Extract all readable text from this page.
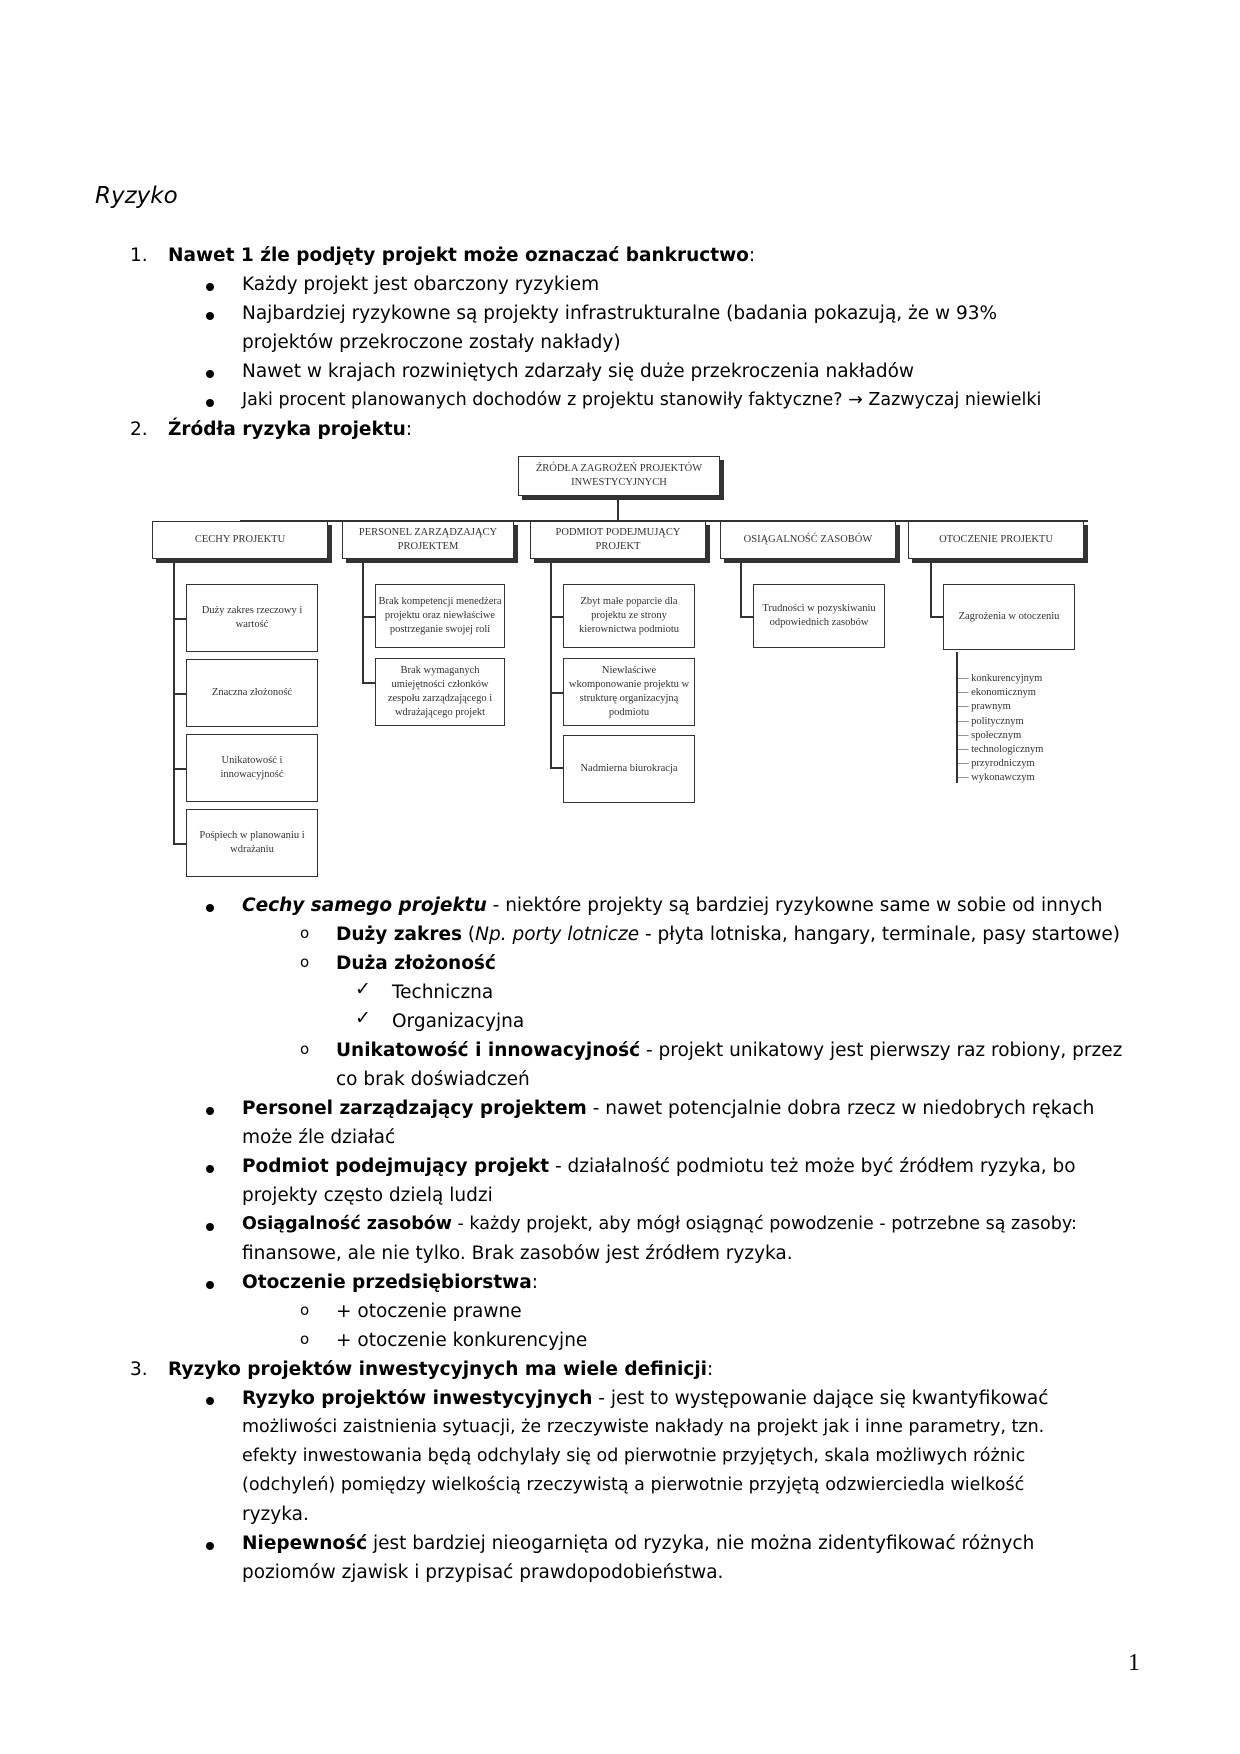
Ryzyko
1. Nawet 1 źle podjęty projekt może oznaczać bankructwo:
Każdy projekt jest obarczony ryzykiem
Najbardziej ryzykowne są projekty infrastrukturalne (badania pokazują, że w 93%
projektów przekroczone zostały nakłady)
Nawet w krajach rozwiniętych zdarzały się duże przekroczenia nakładów
Jaki procent planowanych dochodów z projektu stanowiły faktyczne? → Zazwyczaj niewielki
2. Źródła ryzyka projektu:
ŹRÓDŁA ZAGROŻEŃ PROJEKTÓW INWESTYCYJNYCH
CECHY PROJEKTU
PERSONEL ZARZĄDZAJĄCY PROJEKTEM
PODMIOT PODEJMUJĄCY PROJEKT
OSIĄGALNOŚĆ ZASOBÓW	OTOCZENIE PROJEKTU
Duży zakres rzeczowy i wartość
Znaczna złożoność
Unikatowość i innowacyjność
Pośpiech w planowaniu i wdrażaniu
Brak kompetencji menedżera projektu oraz niewłaściwe postrzeganie swojej roli
Brak wymaganych umiejętności członków zespołu zarządzającego i wdrażającego projekt
Zbyt małe poparcie dla projektu ze strony kierownictwa podmiotu
Niewłaściwe wkomponowanie projektu w strukturę organizacyjną podmiotu
Nadmierna biurokracja
Trudności w pozyskiwaniu odpowiednich zasobów
Zagrożenia w otoczeniu
— konkurencyjnym
— ekonomicznym
— prawnym
— politycznym
— społecznym
— technologicznym
— przyrodniczym
— wykonawczym
Cechy samego projektu - niektóre projekty są bardziej ryzykowne same w sobie od innych
o Duży zakres (Np. porty lotnicze - płyta lotniska, hangary, terminale, pasy startowe)
o Duża złożoność
✓ Techniczna
✓ Organizacyjna
o Unikatowość i innowacyjność - projekt unikatowy jest pierwszy raz robiony, przez
co brak doświadczeń
Personel zarządzający projektem - nawet potencjalnie dobra rzecz w niedobrych rękach
może źle działać
Podmiot podejmujący projekt - działalność podmiotu też może być źródłem ryzyka, bo
projekty często dzielą ludzi
Osiągalność zasobów - każdy projekt, aby mógł osiągnąć powodzenie - potrzebne są zasoby:
finansowe, ale nie tylko. Brak zasobów jest źródłem ryzyka.
Otoczenie przedsiębiorstwa:
o + otoczenie prawne
o + otoczenie konkurencyjne
3. Ryzyko projektów inwestycyjnych ma wiele definicji:
Ryzyko projektów inwestycyjnych - jest to występowanie dające się kwantyfikować
możliwości zaistnienia sytuacji, że rzeczywiste nakłady na projekt jak i inne parametry, tzn.
efekty inwestowania będą odchylały się od pierwotnie przyjętych, skala możliwych różnic
(odchyleń) pomiędzy wielkością rzeczywistą a pierwotnie przyjętą odzwierciedla wielkość
ryzyka.
Niepewność jest bardziej nieogarnięta od ryzyka, nie można zidentyfikować różnych
poziomów zjawisk i przypisać prawdopodobieństwa.
1
